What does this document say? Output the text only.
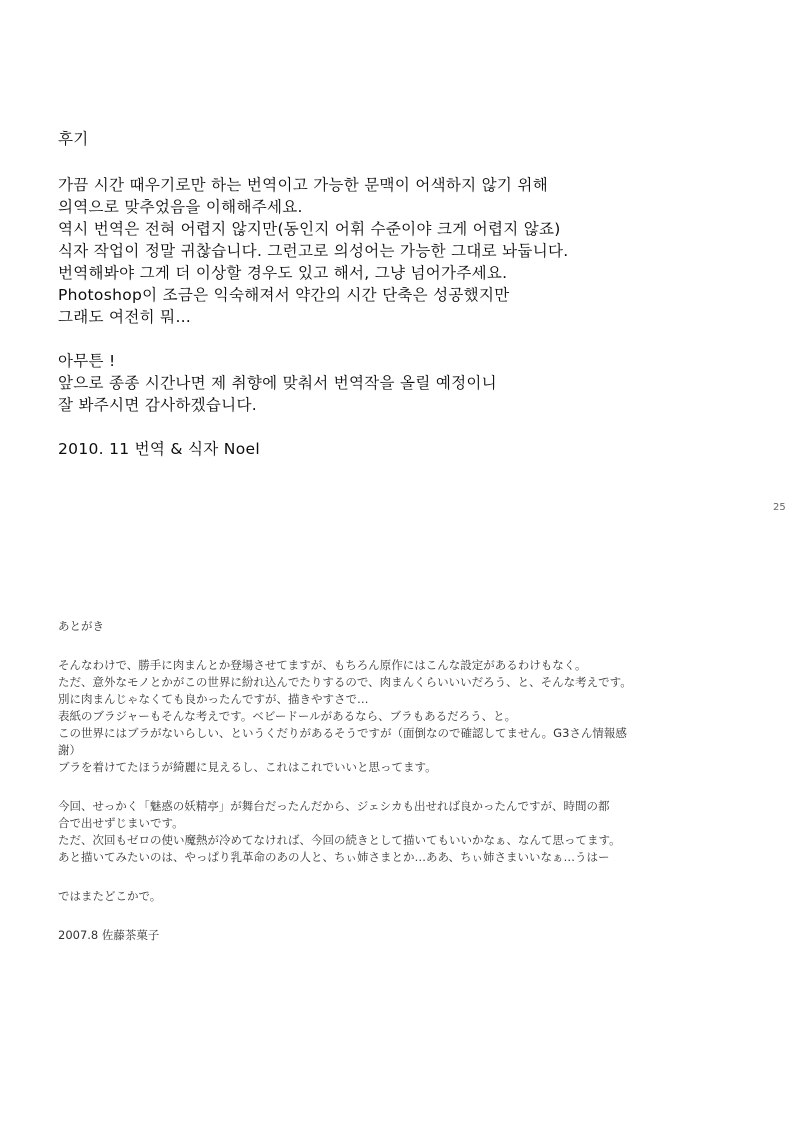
후기
가끔 시간 때우기로만 하는 번역이고 가능한 문맥이 어색하지 않기 위해
의역으로 맞추었음을 이해해주세요.
역시 번역은 전혀 어렵지 않지만(동인지 어휘 수준이야 크게 어렵지 않죠)
식자 작업이 정말 귀찮습니다. 그런고로 의성어는 가능한 그대로 놔둡니다.
번역해봐야 그게 더 이상할 경우도 있고 해서, 그냥 넘어가주세요.
Photoshop이 조금은 익숙해져서 약간의 시간 단축은 성공했지만
그래도 여전히 뭐…
아무튼 !
앞으로 종종 시간나면 제 취향에 맞춰서 번역작을 올릴 예정이니
잘 봐주시면 감사하겠습니다.
2010. 11 번역 & 식자 Noel
25
あとがき
そんなわけで、勝手に肉まんとか登場させてますが、もちろん原作にはこんな設定があるわけもなく。
ただ、意外なモノとかがこの世界に紛れ込んでたりするので、肉まんくらいいいだろう、と、そんな考えです。
別に肉まんじゃなくても良かったんですが、描きやすさで…
表紙のブラジャーもそんな考えです。ベビードールがあるなら、ブラもあるだろう、と。
この世界にはブラがないらしい、というくだりがあるそうですが（面倒なので確認してません。G3さん情報感
謝）
ブラを着けてたほうが綺麗に見えるし、これはこれでいいと思ってます。
今回、せっかく「魅惑の妖精亭」が舞台だったんだから、ジェシカも出せれば良かったんですが、時間の都
合で出せずじまいです。
ただ、次回もゼロの使い魔熱が冷めてなければ、今回の続きとして描いてもいいかなぁ、なんて思ってます。
あと描いてみたいのは、やっぱり乳革命のあの人と、ちぃ姉さまとか…ああ、ちぃ姉さまいいなぁ…うはー
ではまたどこかで。
2007.8 佐藤茶菓子
